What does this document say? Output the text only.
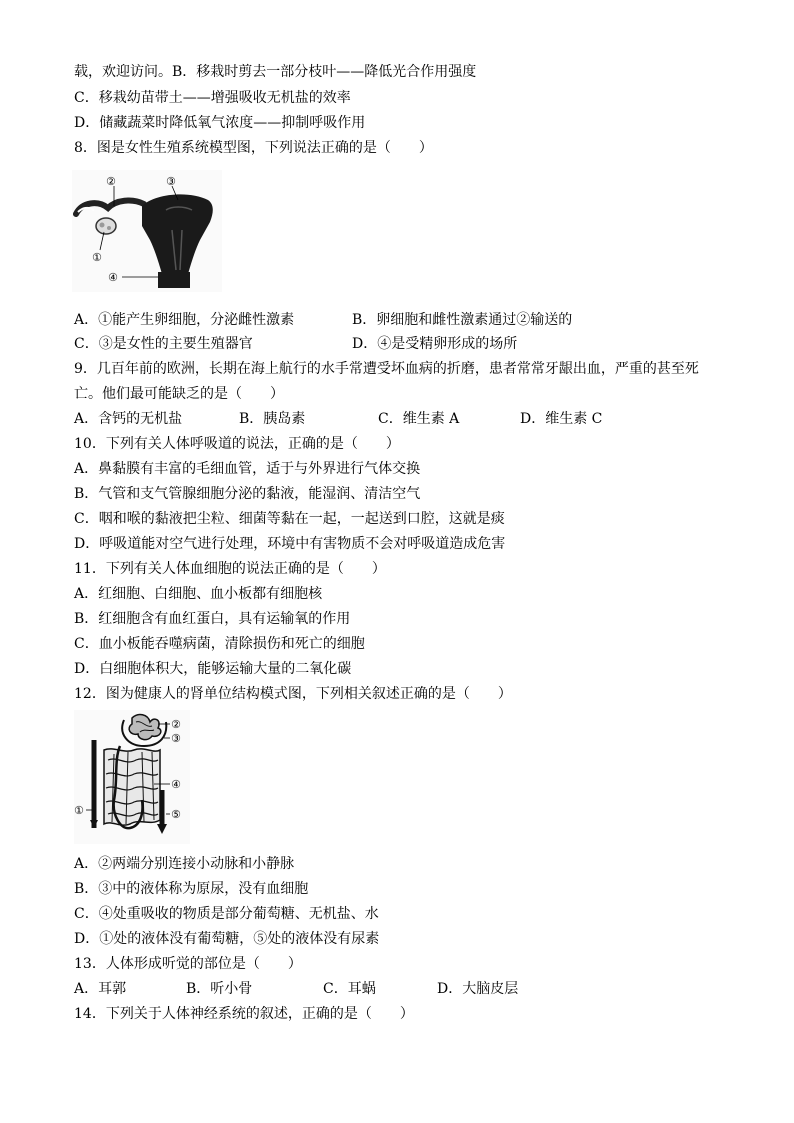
载，欢迎访问。B．移栽时剪去一部分枝叶——降低光合作用强度
C．移栽幼苗带土——增强吸收无机盐的效率
D．储藏蔬菜时降低氧气浓度——抑制呼吸作用
8．图是女性生殖系统模型图，下列说法正确的是（　　）
②	③
①
④
A．①能产生卵细胞，分泌雌性激素	B．卵细胞和雌性激素通过②输送的
C．③是女性的主要生殖器官	D．④是受精卵形成的场所
9．几百年前的欧洲，长期在海上航行的水手常遭受坏血病的折磨，患者常常牙龈出血，严重的甚至死
亡。他们最可能缺乏的是（　　）
A．含钙的无机盐	B．胰岛素	C．维生素 A	D．维生素 C
10．下列有关人体呼吸道的说法，正确的是（　　）
A．鼻黏膜有丰富的毛细血管，适于与外界进行气体交换
B．气管和支气管腺细胞分泌的黏液，能湿润、清洁空气
C．咽和喉的黏液把尘粒、细菌等黏在一起，一起送到口腔，这就是痰
D．呼吸道能对空气进行处理，环境中有害物质不会对呼吸道造成危害
11．下列有关人体血细胞的说法正确的是（　　）
A．红细胞、白细胞、血小板都有细胞核
B．红细胞含有血红蛋白，具有运输氧的作用
C．血小板能吞噬病菌，清除损伤和死亡的细胞
D．白细胞体积大，能够运输大量的二氧化碳
12．图为健康人的肾单位结构模式图，下列相关叙述正确的是（　　）
②
③
④
①	⑤
A．②两端分别连接小动脉和小静脉
B．③中的液体称为原尿，没有血细胞
C．④处重吸收的物质是部分葡萄糖、无机盐、水
D．①处的液体没有葡萄糖，⑤处的液体没有尿素
13．人体形成听觉的部位是（　　）
A．耳郭	B．听小骨	C．耳蜗	D．大脑皮层
14．下列关于人体神经系统的叙述，正确的是（　　）
